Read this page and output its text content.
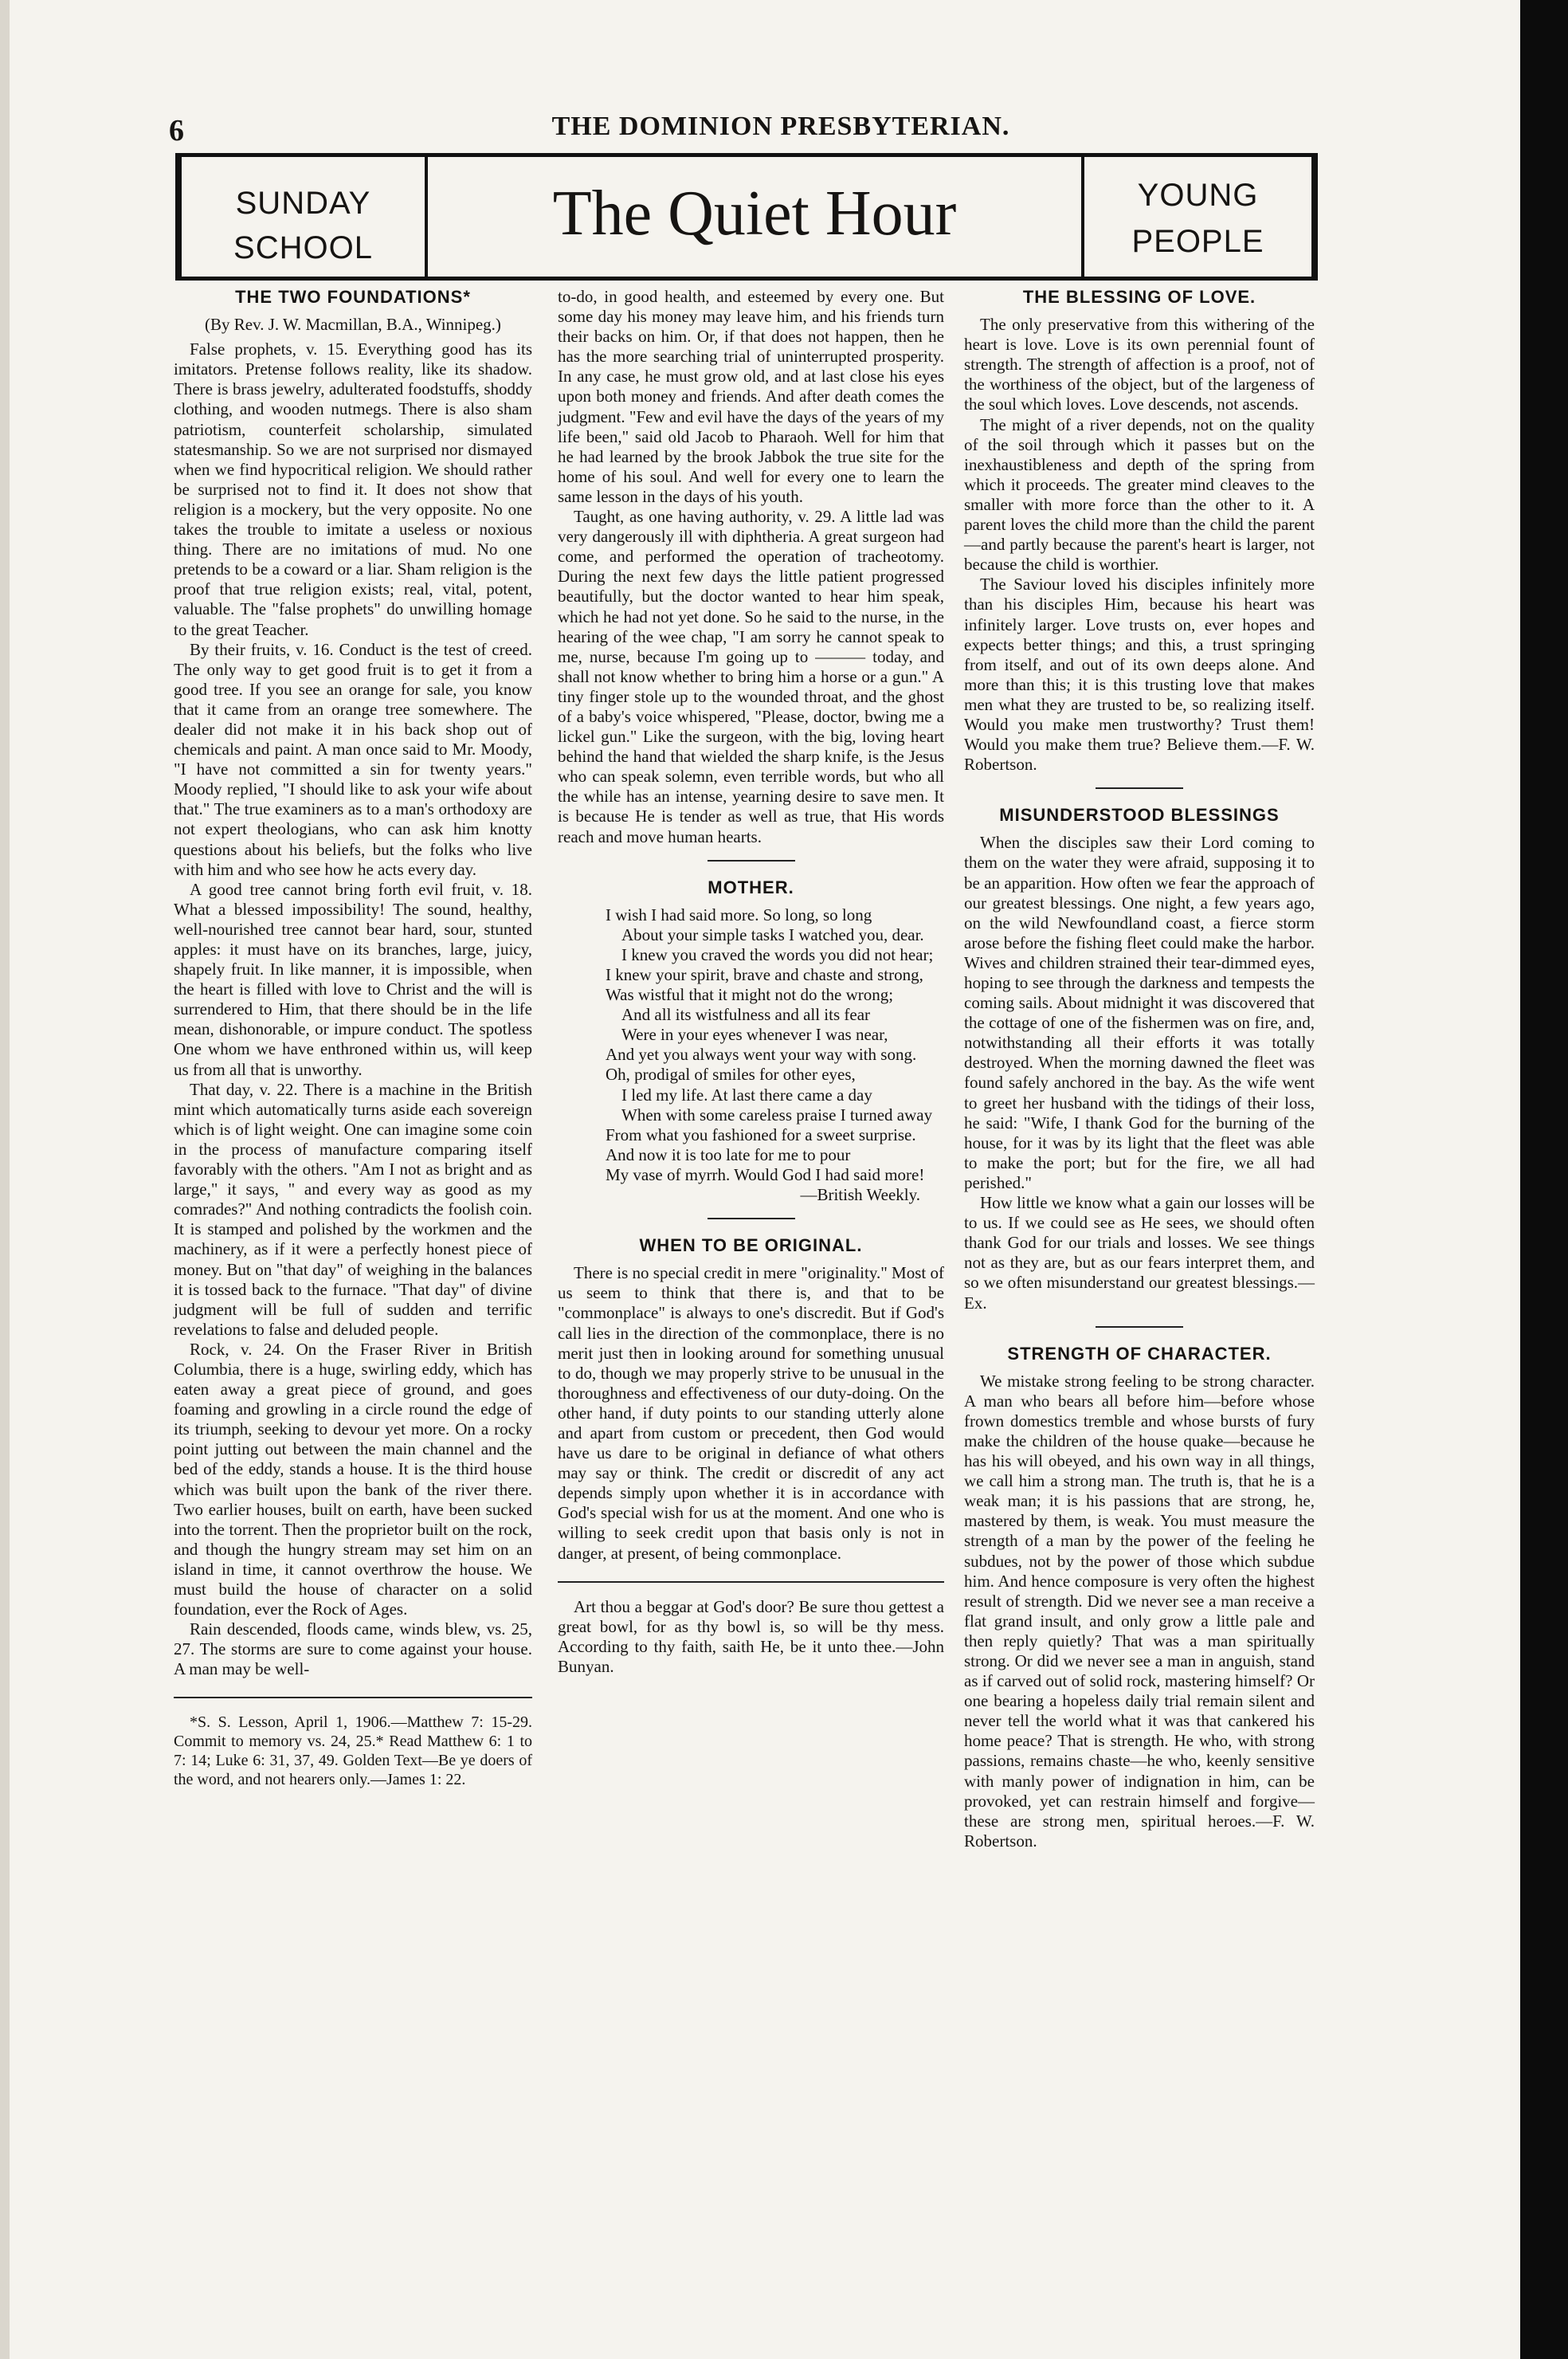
6	THE DOMINION PRESBYTERIAN.
SUNDAY
SCHOOL	The Quiet Hour	YOUNG
PEOPLE
THE TWO FOUNDATIONS*

(By Rev. J. W. Macmillan, B.A., Winnipeg.)

False prophets, v. 15. Everything good has its imitators. Pretense follows reality, like its shadow. There is brass jewelry, adulterated foodstuffs, shoddy clothing, and wooden nutmegs. There is also sham patriotism, counterfeit scholarship, simulated statesmanship. So we are not surprised nor dismayed when we find hypocritical religion. We should rather be surprised not to find it. It does not show that religion is a mockery, but the very opposite. No one takes the trouble to imitate a useless or noxious thing. There are no imitations of mud. No one pretends to be a coward or a liar. Sham religion is the proof that true religion exists; real, vital, potent, valuable. The "false prophets" do unwilling homage to the great Teacher.

By their fruits, v. 16. Conduct is the test of creed. The only way to get good fruit is to get it from a good tree. If you see an orange for sale, you know that it came from an orange tree somewhere. The dealer did not make it in his back shop out of chemicals and paint. A man once said to Mr. Moody, "I have not committed a sin for twenty years." Moody replied, "I should like to ask your wife about that." The true examiners as to a man's orthodoxy are not expert theologians, who can ask him knotty questions about his beliefs, but the folks who live with him and who see how he acts every day.

A good tree cannot bring forth evil fruit, v. 18. What a blessed impossibility! The sound, healthy, well-nourished tree cannot bear hard, sour, stunted apples: it must have on its branches, large, juicy, shapely fruit. In like manner, it is impossible, when the heart is filled with love to Christ and the will is surrendered to Him, that there should be in the life mean, dishonorable, or impure conduct. The spotless One whom we have enthroned within us, will keep us from all that is unworthy.

That day, v. 22. There is a machine in the British mint which automatically turns aside each sovereign which is of light weight. One can imagine some coin in the process of manufacture comparing itself favorably with the others. "Am I not as bright and as large," it says, " and every way as good as my comrades?" And nothing contradicts the foolish coin. It is stamped and polished by the workmen and the machinery, as if it were a perfectly honest piece of money. But on "that day" of weighing in the balances it is tossed back to the furnace. "That day" of divine judgment will be full of sudden and terrific revelations to false and deluded people.

Rock, v. 24. On the Fraser River in British Columbia, there is a huge, swirling eddy, which has eaten away a great piece of ground, and goes foaming and growling in a circle round the edge of its triumph, seeking to devour yet more. On a rocky point jutting out between the main channel and the bed of the eddy, stands a house. It is the third house which was built upon the bank of the river there. Two earlier houses, built on earth, have been sucked into the torrent. Then the proprietor built on the rock, and though the hungry stream may set him on an island in time, it cannot overthrow the house. We must build the house of character on a solid foundation, ever the Rock of Ages.

Rain descended, floods came, winds blew, vs. 25, 27. The storms are sure to come against your house. A man may be well-

*S. S. Lesson, April 1, 1906.—Matthew 7: 15-29. Commit to memory vs. 24, 25.* Read Matthew 6: 1 to 7: 14; Luke 6: 31, 37, 49. Golden Text—Be ye doers of the word, and not hearers only.—James 1: 22.

to-do, in good health, and esteemed by every one. But some day his money may leave him, and his friends turn their backs on him. Or, if that does not happen, then he has the more searching trial of uninterrupted prosperity. In any case, he must grow old, and at last close his eyes upon both money and friends. And after death comes the judgment. "Few and evil have the days of the years of my life been," said old Jacob to Pharaoh. Well for him that he had learned by the brook Jabbok the true site for the home of his soul. And well for every one to learn the same lesson in the days of his youth.

Taught, as one having authority, v. 29. A little lad was very dangerously ill with diphtheria. A great surgeon had come, and performed the operation of tracheotomy. During the next few days the little patient progressed beautifully, but the doctor wanted to hear him speak, which he had not yet done. So he said to the nurse, in the hearing of the wee chap, "I am sorry he cannot speak to me, nurse, because I'm going up to ——— today, and shall not know whether to bring him a horse or a gun." A tiny finger stole up to the wounded throat, and the ghost of a baby's voice whispered, "Please, doctor, bwing me a lickel gun." Like the surgeon, with the big, loving heart behind the hand that wielded the sharp knife, is the Jesus who can speak solemn, even terrible words, but who all the while has an intense, yearning desire to save men. It is because He is tender as well as true, that His words reach and move human hearts.

MOTHER.

I wish I had said more. So long, so long

About your simple tasks I watched you, dear.

I knew you craved the words you did not hear;

I knew your spirit, brave and chaste and strong,

Was wistful that it might not do the wrong;

And all its wistfulness and all its fear

Were in your eyes whenever I was near,

And yet you always went your way with song.

Oh, prodigal of smiles for other eyes,

I led my life. At last there came a day

When with some careless praise I turned away

From what you fashioned for a sweet surprise.

And now it is too late for me to pour

My vase of myrrh. Would God I had said more!

—British Weekly.

WHEN TO BE ORIGINAL.

There is no special credit in mere "originality." Most of us seem to think that there is, and that to be "commonplace" is always to one's discredit. But if God's call lies in the direction of the commonplace, there is no merit just then in looking around for something unusual to do, though we may properly strive to be unusual in the thoroughness and effectiveness of our duty-doing. On the other hand, if duty points to our standing utterly alone and apart from custom or precedent, then God would have us dare to be original in defiance of what others may say or think. The credit or discredit of any act depends simply upon whether it is in accordance with God's special wish for us at the moment. And one who is willing to seek credit upon that basis only is not in danger, at present, of being commonplace.

Art thou a beggar at God's door? Be sure thou gettest a great bowl, for as thy bowl is, so will be thy mess. According to thy faith, saith He, be it unto thee.—John Bunyan.

THE BLESSING OF LOVE.

The only preservative from this withering of the heart is love. Love is its own perennial fount of strength. The strength of affection is a proof, not of the worthiness of the object, but of the largeness of the soul which loves. Love descends, not ascends.

The might of a river depends, not on the quality of the soil through which it passes but on the inexhaustibleness and depth of the spring from which it proceeds. The greater mind cleaves to the smaller with more force than the other to it. A parent loves the child more than the child the parent—and partly because the parent's heart is larger, not because the child is worthier.

The Saviour loved his disciples infinitely more than his disciples Him, because his heart was infinitely larger. Love trusts on, ever hopes and expects better things; and this, a trust springing from itself, and out of its own deeps alone. And more than this; it is this trusting love that makes men what they are trusted to be, so realizing itself. Would you make men trustworthy? Trust them! Would you make them true? Believe them.—F. W. Robertson.

MISUNDERSTOOD BLESSINGS

When the disciples saw their Lord coming to them on the water they were afraid, supposing it to be an apparition. How often we fear the approach of our greatest blessings. One night, a few years ago, on the wild Newfoundland coast, a fierce storm arose before the fishing fleet could make the harbor. Wives and children strained their tear-dimmed eyes, hoping to see through the darkness and tempests the coming sails. About midnight it was discovered that the cottage of one of the fishermen was on fire, and, notwithstanding all their efforts it was totally destroyed. When the morning dawned the fleet was found safely anchored in the bay. As the wife went to greet her husband with the tidings of their loss, he said: "Wife, I thank God for the burning of the house, for it was by its light that the fleet was able to make the port; but for the fire, we all had perished."

How little we know what a gain our losses will be to us. If we could see as He sees, we should often thank God for our trials and losses. We see things not as they are, but as our fears interpret them, and so we often misunderstand our greatest blessings.—Ex.

STRENGTH OF CHARACTER.

We mistake strong feeling to be strong character. A man who bears all before him—before whose frown domestics tremble and whose bursts of fury make the children of the house quake—because he has his will obeyed, and his own way in all things, we call him a strong man. The truth is, that he is a weak man; it is his passions that are strong, he, mastered by them, is weak. You must measure the strength of a man by the power of the feeling he subdues, not by the power of those which subdue him. And hence composure is very often the highest result of strength. Did we never see a man receive a flat grand insult, and only grow a little pale and then reply quietly? That was a man spiritually strong. Or did we never see a man in anguish, stand as if carved out of solid rock, mastering himself? Or one bearing a hopeless daily trial remain silent and never tell the world what it was that cankered his home peace? That is strength. He who, with strong passions, remains chaste—he who, keenly sensitive with manly power of indignation in him, can be provoked, yet can restrain himself and forgive—these are strong men, spiritual heroes.—F. W. Robertson.
